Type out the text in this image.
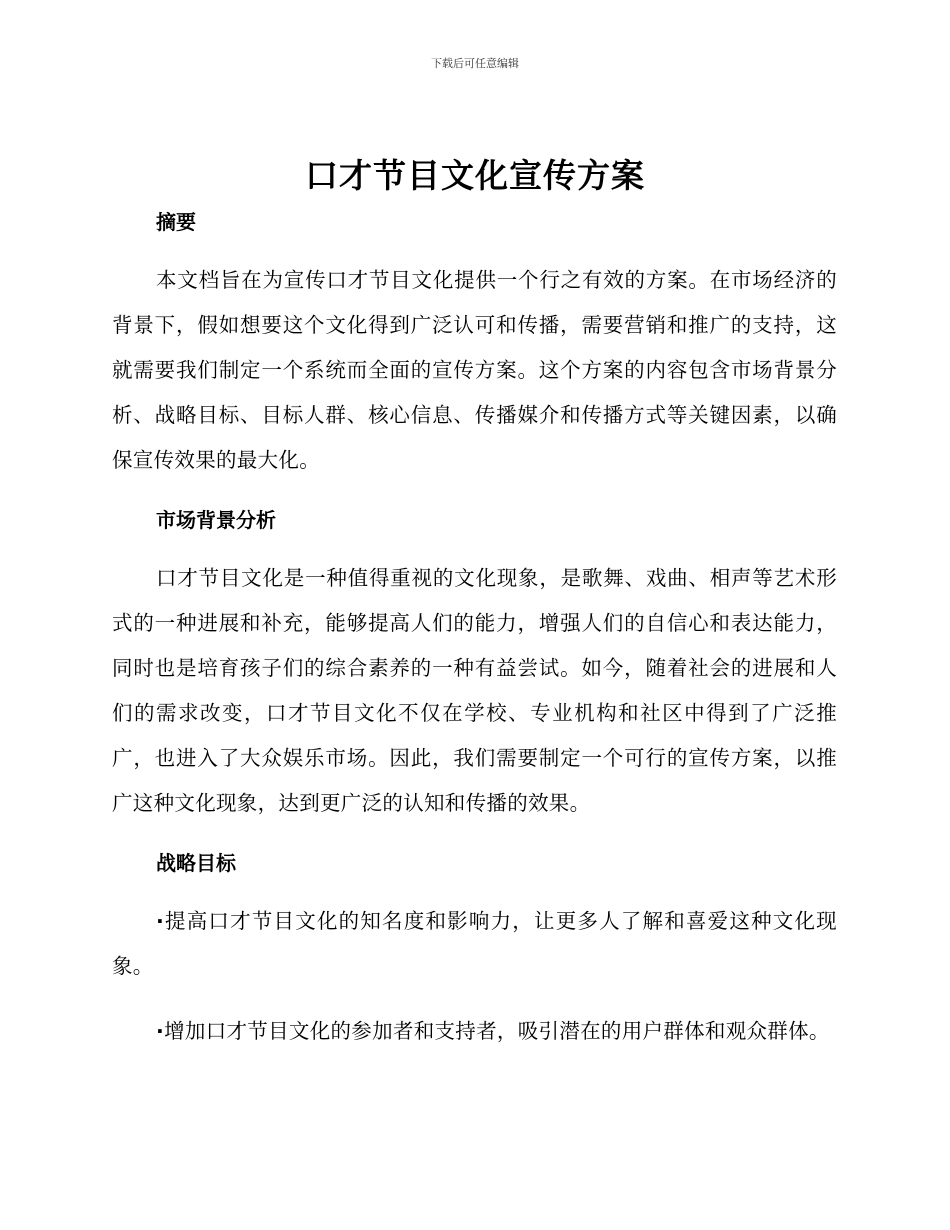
下载后可任意编辑
口才节目文化宣传方案
摘要

本文档旨在为宣传口才节目文化提供一个行之有效的方案。在市场经济的背景下，假如想要这个文化得到广泛认可和传播，需要营销和推广的支持，这就需要我们制定一个系统而全面的宣传方案。这个方案的内容包含市场背景分析、战略目标、目标人群、核心信息、传播媒介和传播方式等关键因素，以确保宣传效果的最大化。

市场背景分析

口才节目文化是一种值得重视的文化现象，是歌舞、戏曲、相声等艺术形式的一种进展和补充，能够提高人们的能力，增强人们的自信心和表达能力，同时也是培育孩子们的综合素养的一种有益尝试。如今，随着社会的进展和人们的需求改变，口才节目文化不仅在学校、专业机构和社区中得到了广泛推广，也进入了大众娱乐市场。因此，我们需要制定一个可行的宣传方案，以推广这种文化现象，达到更广泛的认知和传播的效果。

战略目标

·提高口才节目文化的知名度和影响力，让更多人了解和喜爱这种文化现象。

·增加口才节目文化的参加者和支持者，吸引潜在的用户群体和观众群体。
